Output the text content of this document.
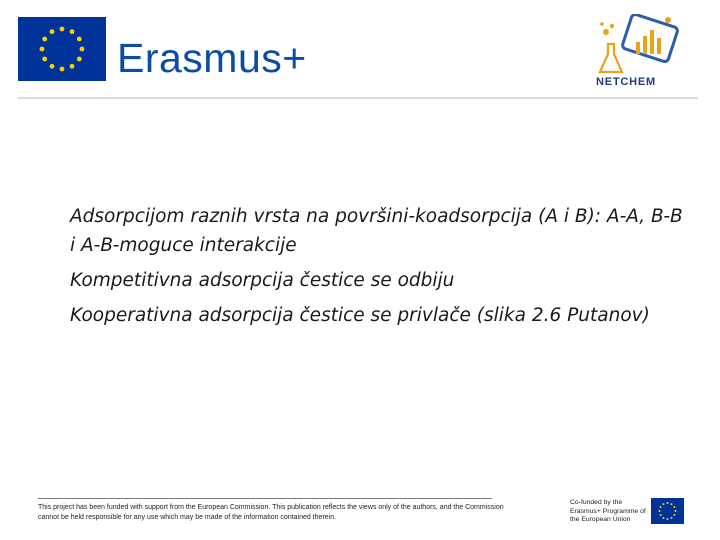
Erasmus+
NETCHEM

Adsorpcijom raznih vrsta na površini-koadsorpcija (A i B): A-A, B-B i A-B-moguce interakcije

Kompetitivna adsorpcija čestice se odbiju

Kooperativna adsorpcija čestice se privlače (slika 2.6 Putanov)

This project has been funded with support from the European Commission. This publication reflects the views only of the authors, and the Commission cannot be held responsible for any use which may be made of the information contained therein.
Co-funded by the Erasmus+ Programme of the European Union
